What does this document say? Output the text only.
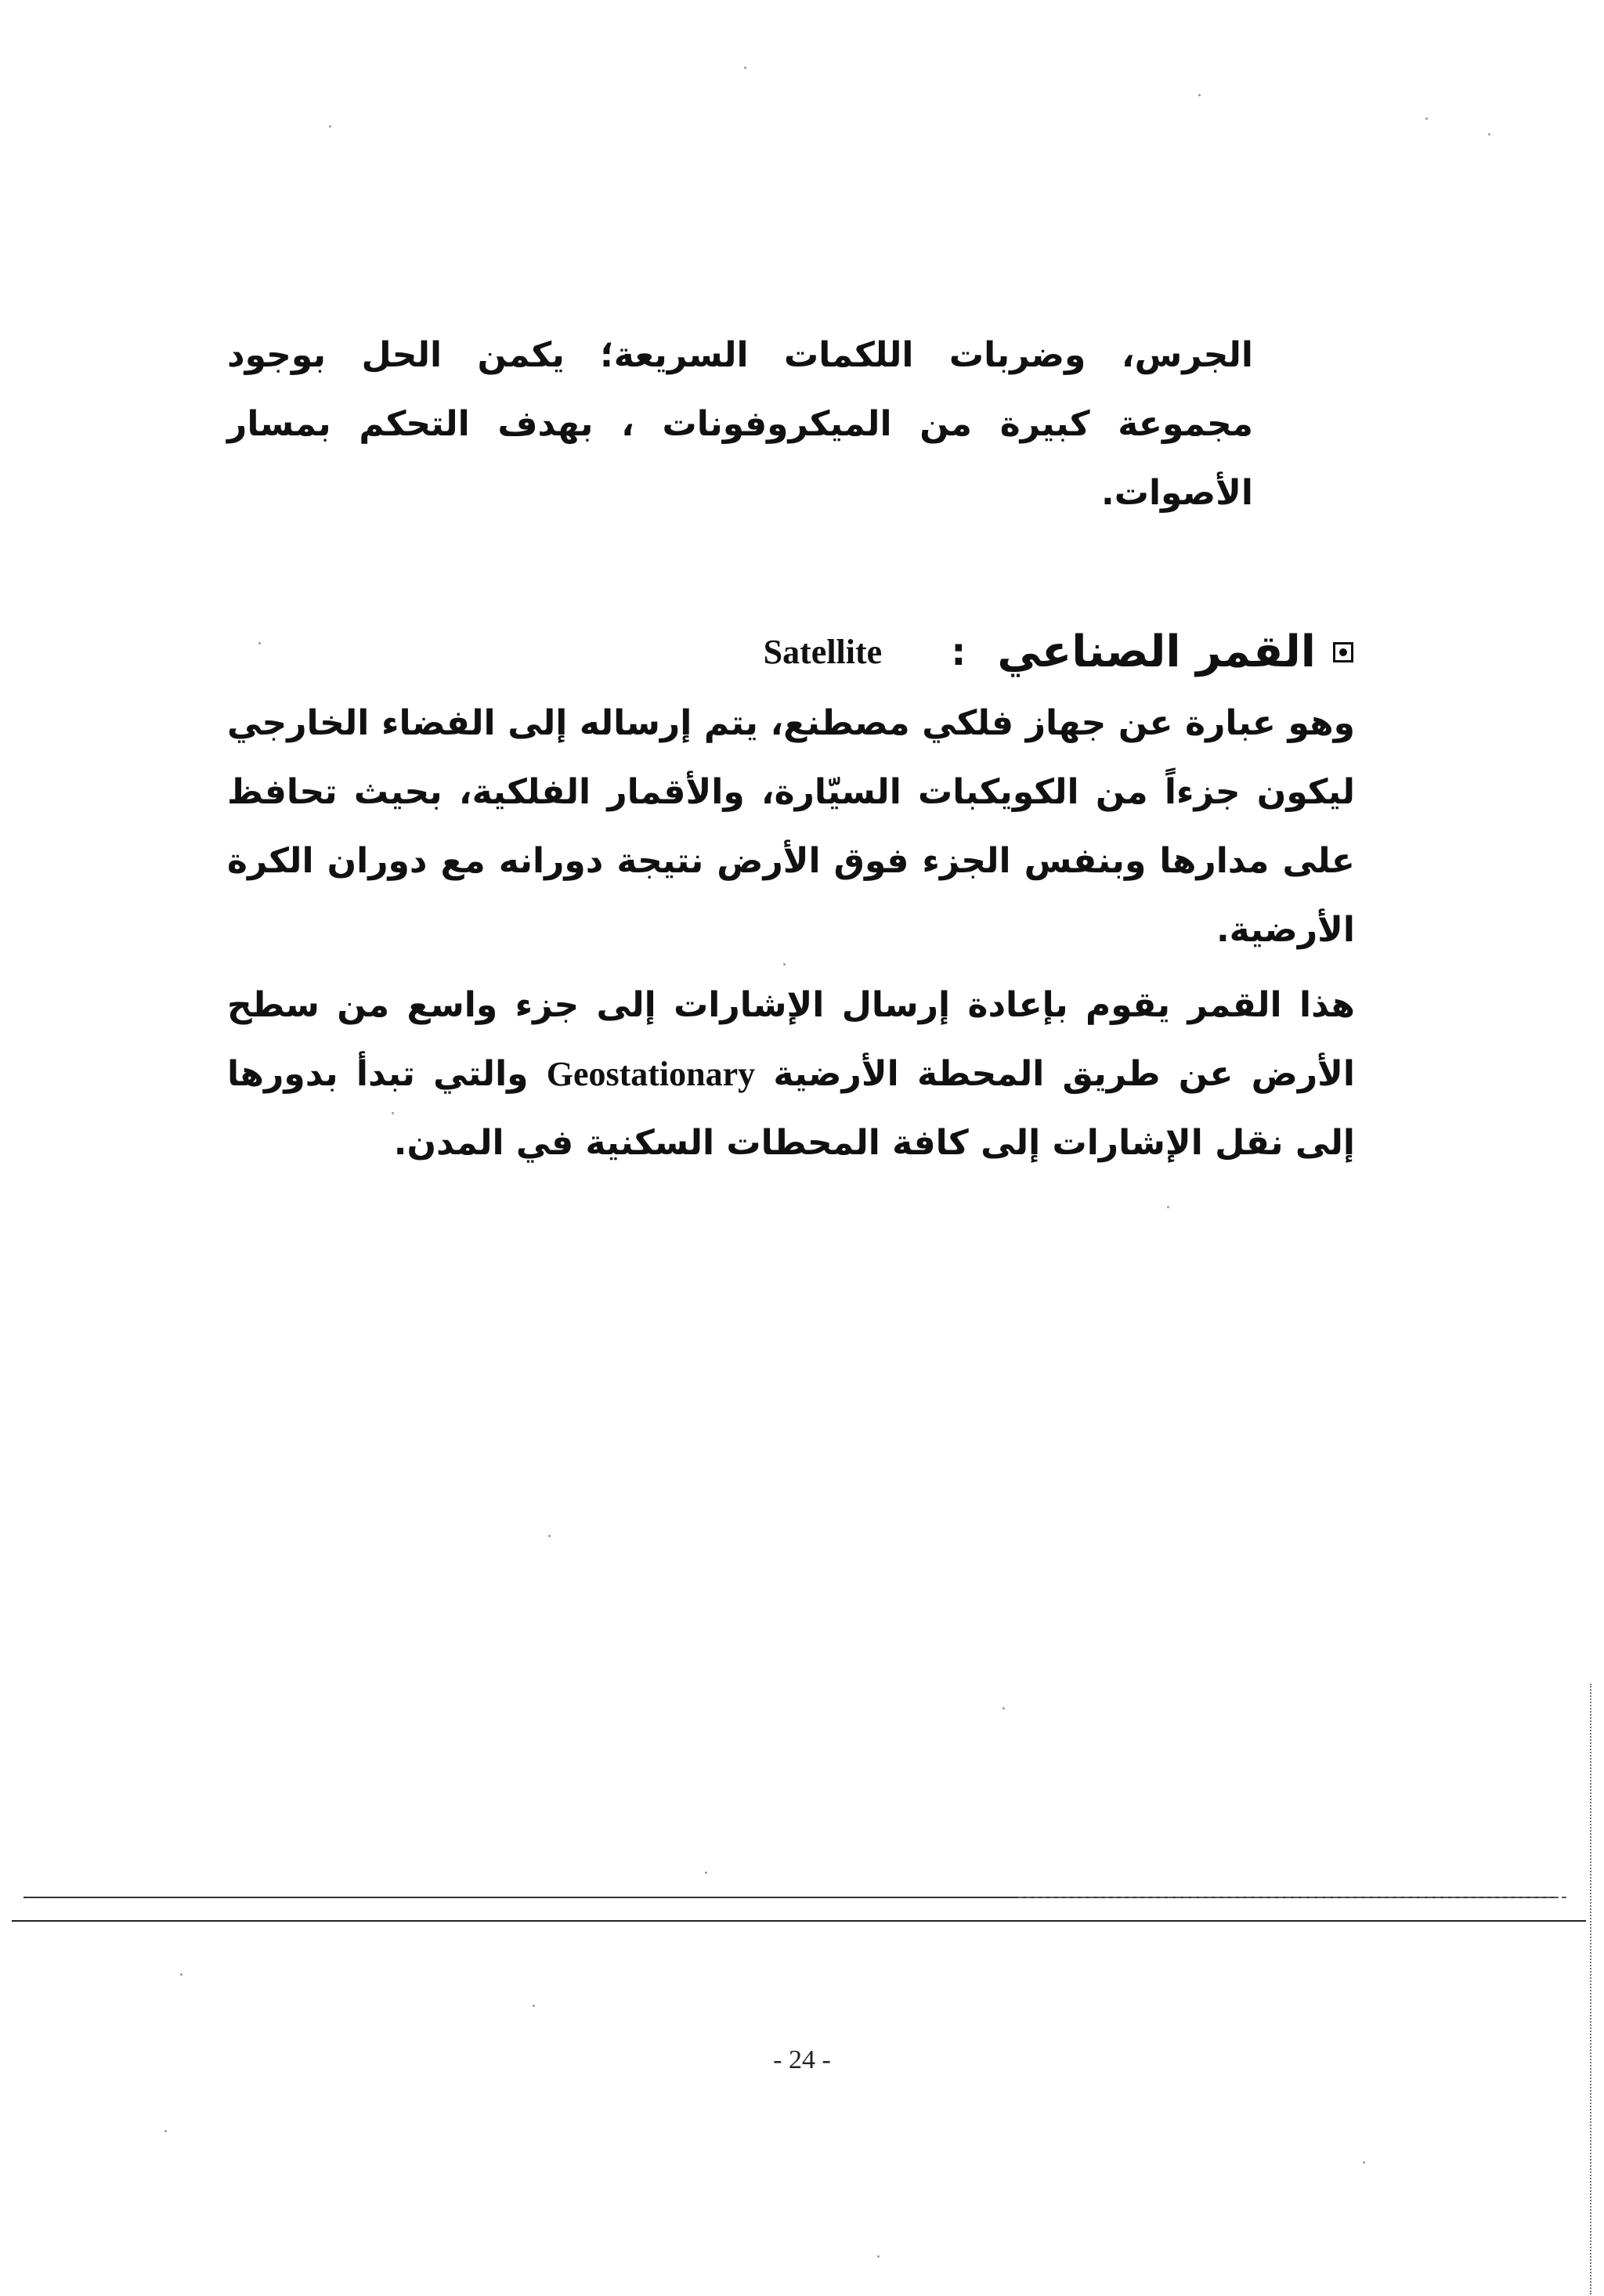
الجرس، وضربات اللكمات السريعة؛ يكمن الحل بوجود مجموعة كبيرة من الميكروفونات ، بهدف التحكم بمسار الأصوات.

القمر الصناعي
:
Satellite

وهو عبارة عن جهاز فلكي مصطنع، يتم إرساله إلى الفضاء الخارجي ليكون جزءاً من الكويكبات السيّارة، والأقمار الفلكية، بحيث تحافظ على مدارها وبنفس الجزء فوق الأرض نتيجة دورانه مع دوران الكرة الأرضية.

هذا القمر يقوم بإعادة إرسال الإشارات إلى جزء واسع من سطح الأرض عن طريق المحطة الأرضية Geostationary والتي تبدأ بدورها إلى نقل الإشارات إلى كافة المحطات السكنية في المدن.

- 24 -
